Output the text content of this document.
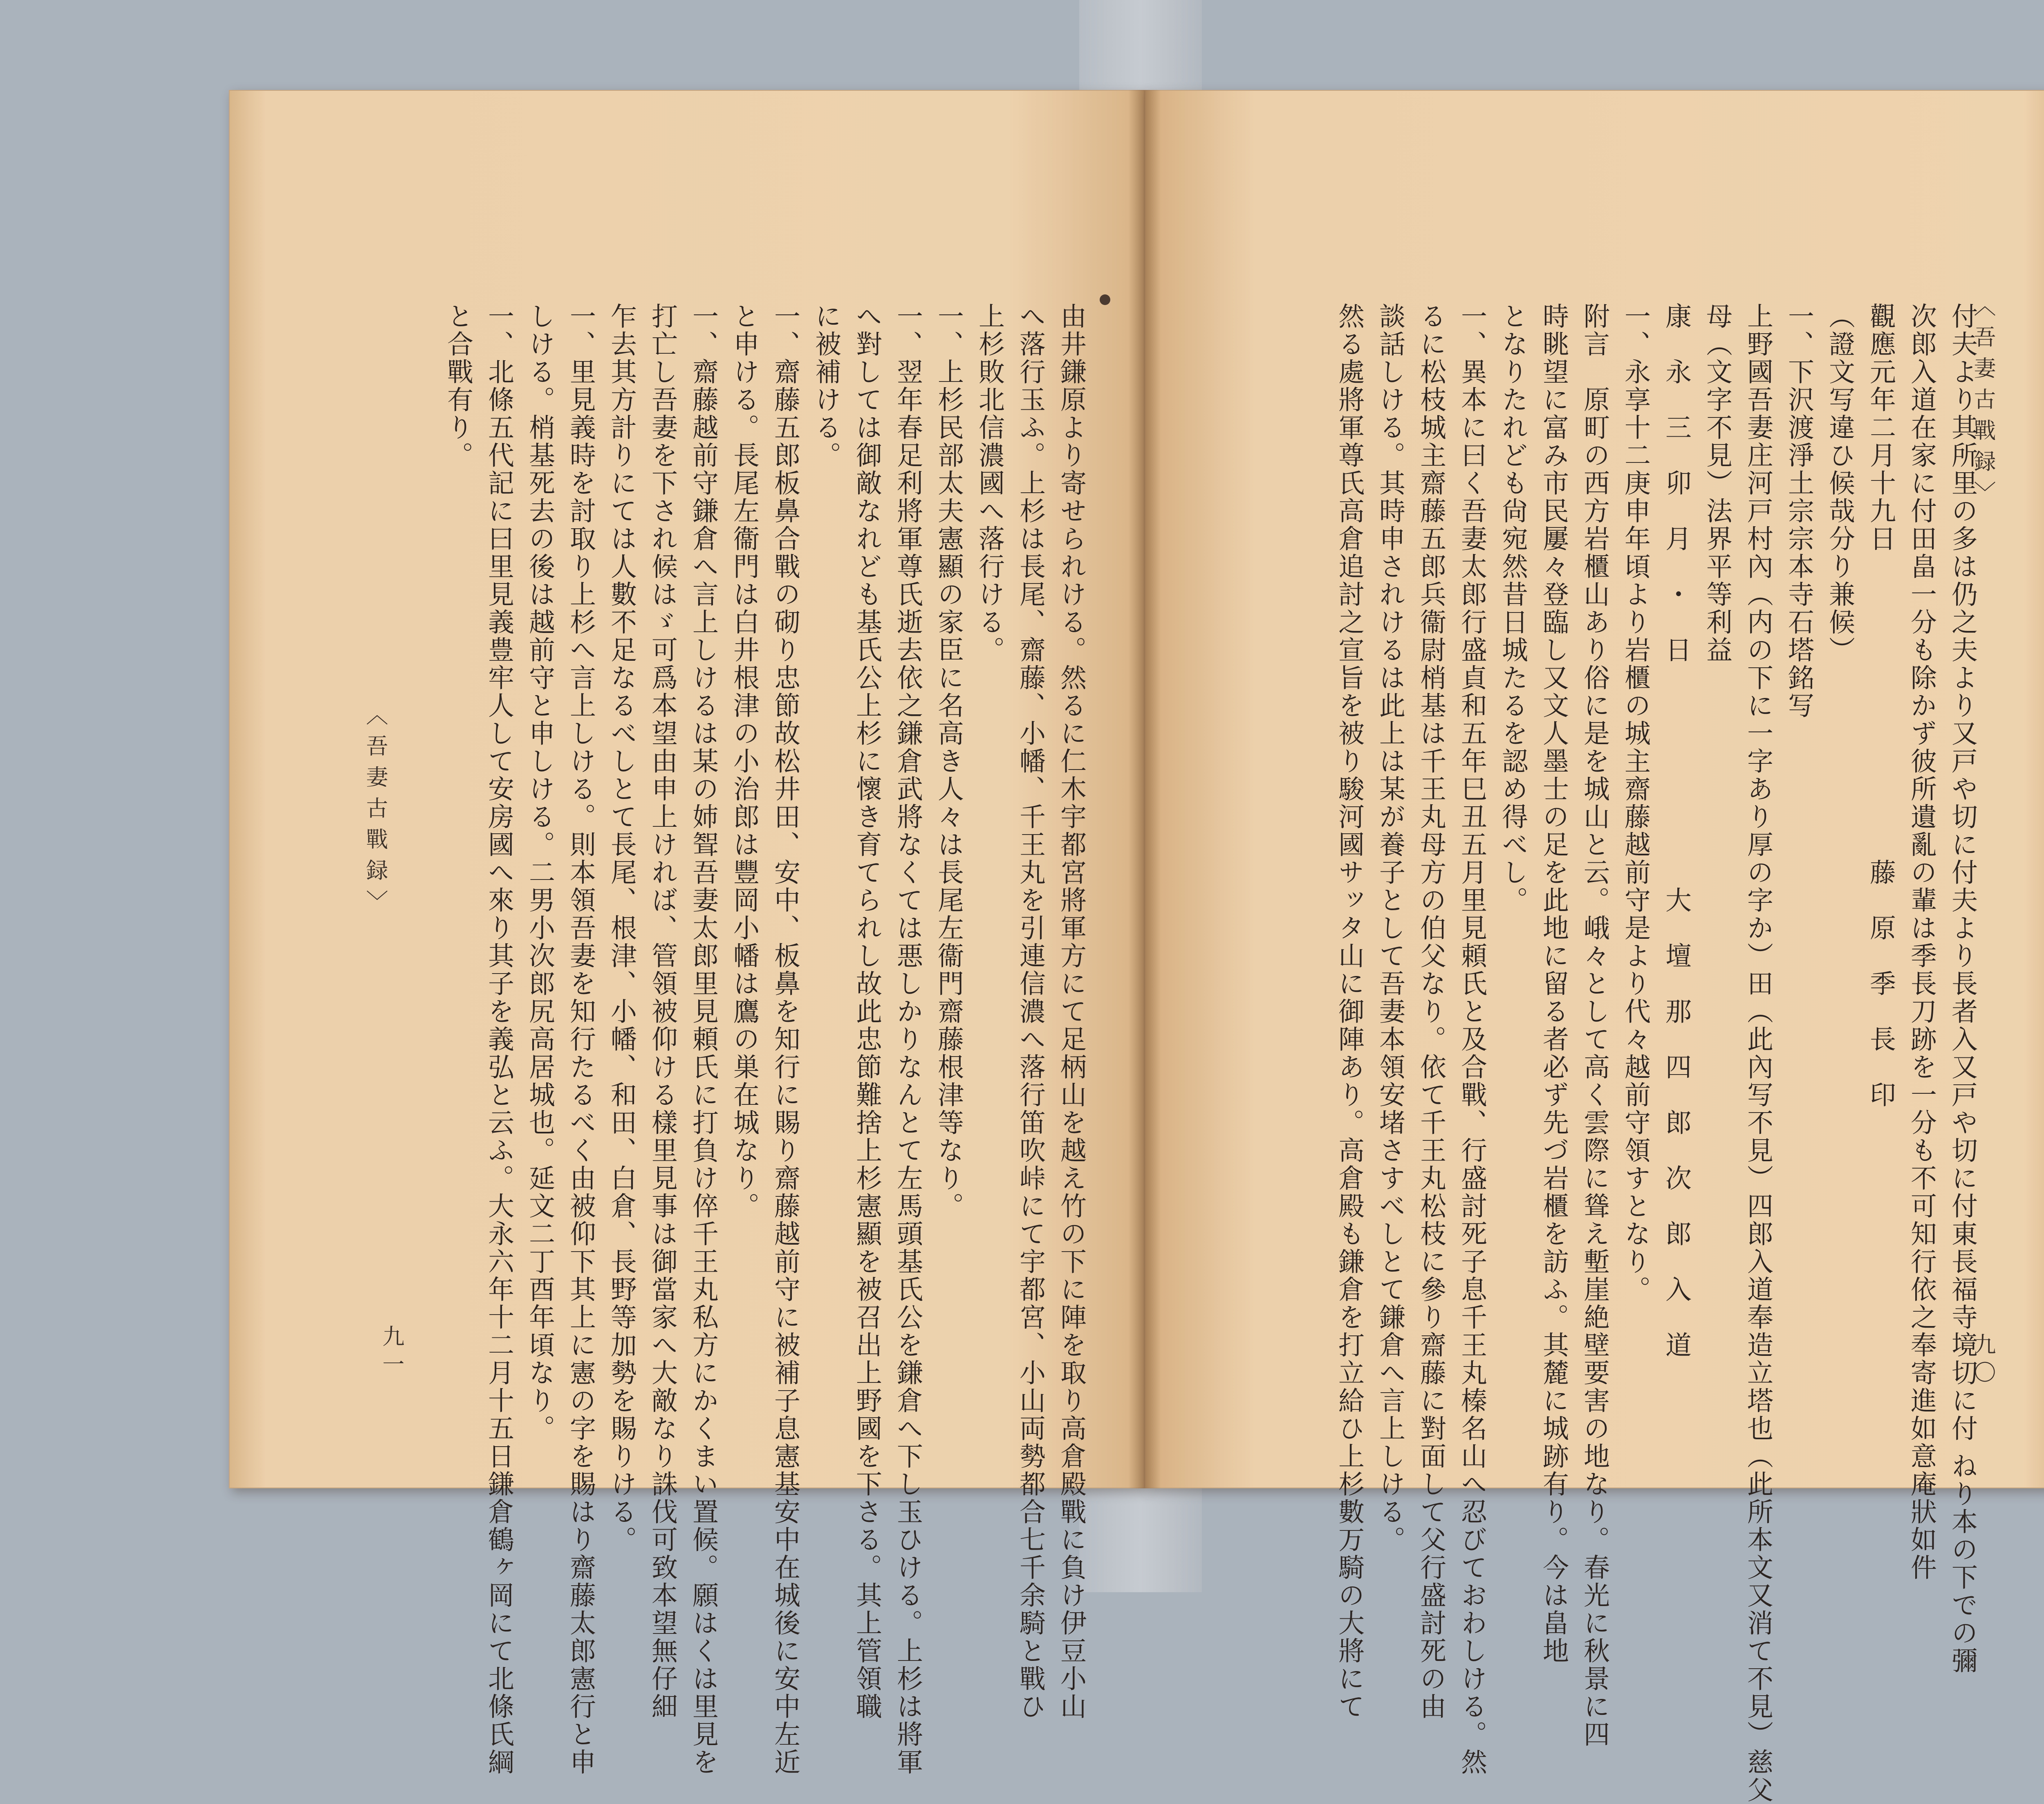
〈吾妻古戰録〉	由井鎌原より寄せられける。然るに仁木宇都宮將軍方にて足柄山を越え竹の下に陣を取り高倉殿戰に負け伊豆小山
へ落行玉ふ。上杉は長尾、齋藤、小幡、千王丸を引連信濃へ落行笛吹峠にて宇都宮、小山両勢都合七千余騎と戰ひ
上杉敗北信濃國へ落行ける。
一、上杉民部太夫憲顯の家臣に名高き人々は長尾左衞門齋藤根津等なり。
一、翌年春足利將軍尊氏逝去依之鎌倉武將なくては悪しかりなんとて左馬頭基氏公を鎌倉へ下し玉ひける。上杉は將軍
へ對しては御敵なれども基氏公上杉に懷き育てられし故此忠節難捨上杉憲顯を被召出上野國を下さる。其上管領職
に被補ける。
一、齋藤五郎板鼻合戰の砌り忠節故松井田、安中、板鼻を知行に賜り齋藤越前守に被補子息憲基安中在城後に安中左近
と申ける。長尾左衞門は白井根津の小治郎は豐岡小幡は鷹の巣在城なり。
一、齋藤越前守鎌倉へ言上しけるは某の姉聟吾妻太郎里見頼氏に打負け倅千王丸私方にかくまい置候。願はくは里見を
打亡し吾妻を下され候はゞ可爲本望由申上ければ、管領被仰ける樣里見事は御當家へ大敵なり誅伐可致本望無仔細
乍去其方計りにては人數不足なるべしとて長尾、根津、小幡、和田、白倉、長野等加勢を賜りける。
一、里見義時を討取り上杉へ言上しける。則本領吾妻を知行たるべく由被仰下其上に憲の字を賜はり齋藤太郎憲行と申
しける。梢基死去の後は越前守と申しける。二男小次郎尻高居城也。延文二丁酉年頃なり。
一、北條五代記に曰里見義豊牢人して安房國へ來り其子を義弘と云ふ。大永六年十二月十五日鎌倉鶴ヶ岡にて北條氏綱
と合戰有り。
九一
〈吾妻古戰録〉
付夫より其所里の多は仍之夫より又戸や切に付夫より長者入又戸や切に付東長福寺境切に付 ねり本の下での彌
次郎入道在家に付田畠一分も除かず彼所遺亂の輩は季長刀跡を一分も不可知行依之奉寄進如意庵狀如件
觀應元年二月十九日　　　　　　　　　　　藤　原　季　長　印
（證文写違ひ候哉分り兼候）
一、下沢渡淨土宗宗本寺石塔銘写
上野國吾妻庄河戸村內（内の下に一字あり厚の字か）田（此內写不見）四郎入道奉造立塔也（此所本文又消て不見）慈父
母（文字不見）法界平等利益
康　永　三　卯　月　・　日　　　　　　　　大　壇　那　四　郎　次　郎　入　道
一、永享十二庚申年頃より岩櫃の城主齋藤越前守是より代々越前守領すとなり。
附言　原町の西方岩櫃山あり俗に是を城山と云。峨々として高く雲際に聳え塹崖絶壁要害の地なり。春光に秋景に四
時眺望に富み市民屢々登臨し又文人墨士の足を此地に留る者必ず先づ岩櫃を訪ふ。其麓に城跡有り。今は畠地
となりたれども尙宛然昔日城たるを認め得べし。
一、異本に曰く吾妻太郎行盛貞和五年巳丑五月里見頼氏と及合戰、行盛討死子息千王丸榛名山へ忍びておわしける。然
るに松枝城主齋藤五郎兵衞尉梢基は千王丸母方の伯父なり。依て千王丸松枝に參り齋藤に對面して父行盛討死の由
談話しける。其時申されけるは此上は某が養子として吾妻本領安堵さすべしとて鎌倉へ言上しける。
然る處將軍尊氏高倉追討之宣旨を被り駿河國サッタ山に御陣あり。高倉殿も鎌倉を打立給ひ上杉數万騎の大將にて	九〇
